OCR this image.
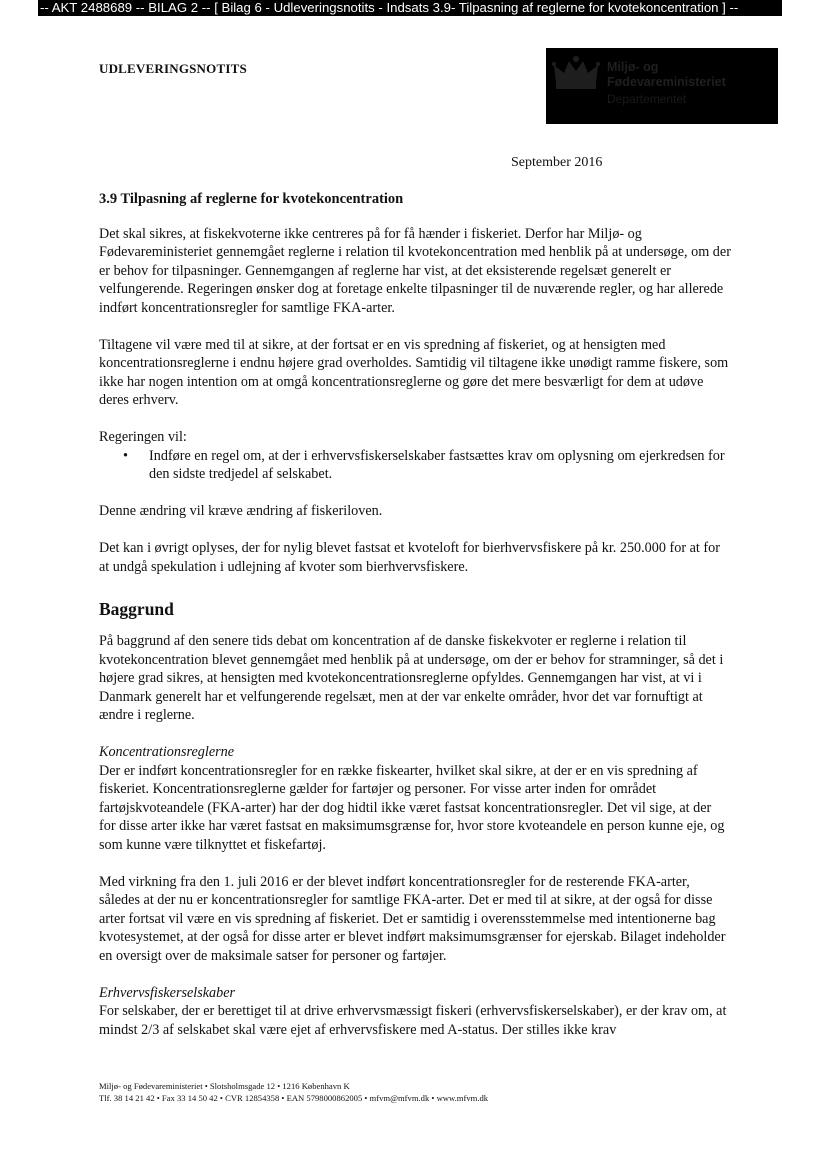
-- AKT 2488689 -- BILAG 2 -- [ Bilag 6 - Udleveringsnotits - Indsats 3.9- Tilpasning af reglerne for kvotekoncentration ] --
UDLEVERINGSNOTITS	Miljø- og
Fødevareministeriet
Departementet
September 2016

3.9 Tilpasning af reglerne for kvotekoncentration

Det skal sikres, at fiskekvoterne ikke centreres på for få hænder i fiskeriet. Derfor har Miljø- og Fødevareministeriet gennemgået reglerne i relation til kvotekoncentration med henblik på at undersøge, om der er behov for tilpasninger. Gennemgangen af reglerne har vist, at det eksisterende regelsæt generelt er velfungerende. Regeringen ønsker dog at foretage enkelte tilpasninger til de nuværende regler, og har allerede indført koncentrationsregler for samtlige FKA-arter.

Tiltagene vil være med til at sikre, at der fortsat er en vis spredning af fiskeriet, og at hensigten med koncentrationsreglerne i endnu højere grad overholdes. Samtidig vil tiltagene ikke unødigt ramme fiskere, som ikke har nogen intention om at omgå koncentrationsreglerne og gøre det mere besværligt for dem at udøve deres erhverv.

Regeringen vil:

• Indføre en regel om, at der i erhvervsfiskerselskaber fastsættes krav om oplysning om ejerkredsen for den sidste tredjedel af selskabet.

Denne ændring vil kræve ændring af fiskeriloven.

Det kan i øvrigt oplyses, der for nylig blevet fastsat et kvoteloft for bierhvervsfiskere på kr. 250.000 for at for at undgå spekulation i udlejning af kvoter som bierhvervsfiskere.

Baggrund

På baggrund af den senere tids debat om koncentration af de danske fiskekvoter er reglerne i relation til kvotekoncentration blevet gennemgået med henblik på at undersøge, om der er behov for stramninger, så det i højere grad sikres, at hensigten med kvotekoncentrationsreglerne opfyldes. Gennemgangen har vist, at vi i Danmark generelt har et velfungerende regelsæt, men at der var enkelte områder, hvor det var fornuftigt at ændre i reglerne.

Koncentrationsreglerne

Der er indført koncentrationsregler for en række fiskearter, hvilket skal sikre, at der er en vis spredning af fiskeriet. Koncentrationsreglerne gælder for fartøjer og personer. For visse arter inden for området fartøjskvoteandele (FKA-arter) har der dog hidtil ikke været fastsat koncentrationsregler. Det vil sige, at der for disse arter ikke har været fastsat en maksimumsgrænse for, hvor store kvoteandele en person kunne eje, og som kunne være tilknyttet et fiskefartøj.

Med virkning fra den 1. juli 2016 er der blevet indført koncentrationsregler for de resterende FKA-arter, således at der nu er koncentrationsregler for samtlige FKA-arter. Det er med til at sikre, at der også for disse arter fortsat vil være en vis spredning af fiskeriet. Det er samtidig i overensstemmelse med intentionerne bag kvotesystemet, at der også for disse arter er blevet indført maksimumsgrænser for ejerskab. Bilaget indeholder en oversigt over de maksimale satser for personer og fartøjer.

Erhvervsfiskerselskaber

For selskaber, der er berettiget til at drive erhvervsmæssigt fiskeri (erhvervsfiskerselskaber), er der krav om, at mindst 2/3 af selskabet skal være ejet af erhvervsfiskere med A-status. Der stilles ikke krav

Miljø- og Fødevareministeriet • Slotsholmsgade 12 • 1216 København K
Tlf. 38 14 21 42 • Fax 33 14 50 42 • CVR 12854358 • EAN 5798000862005 • mfvm@mfvm.dk • www.mfvm.dk
